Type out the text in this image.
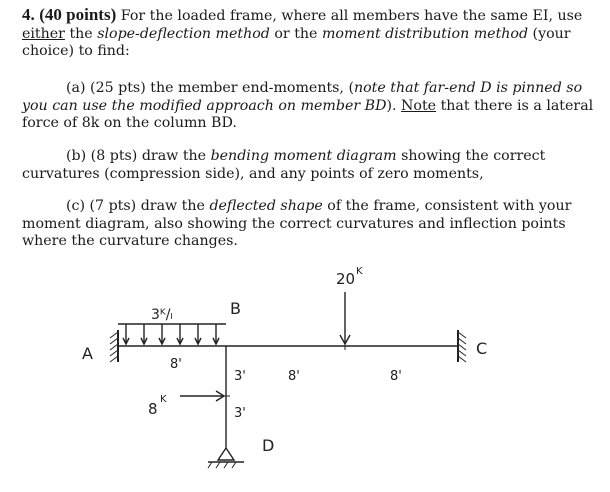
4. (40 points) For the loaded frame, where all members have the same EI, use either the slope-deflection method or the moment distribution method (your choice) to find:
(a) (25 pts) the member end-moments, (note that far-end D is pinned so you can use the modified approach on member BD). Note that there is a lateral force of 8k on the column BD.
(b) (8 pts) draw the bending moment diagram showing the correct curvatures (compression side), and any points of zero moments,
(c) (7 pts) draw the deflected shape of the frame, consistent with your moment diagram, also showing the correct curvatures and inflection points where the curvature changes.
3ᴷ/ₗ	B
A	C
D
20 K
8
K
8'
8'	8'
3'
3'
